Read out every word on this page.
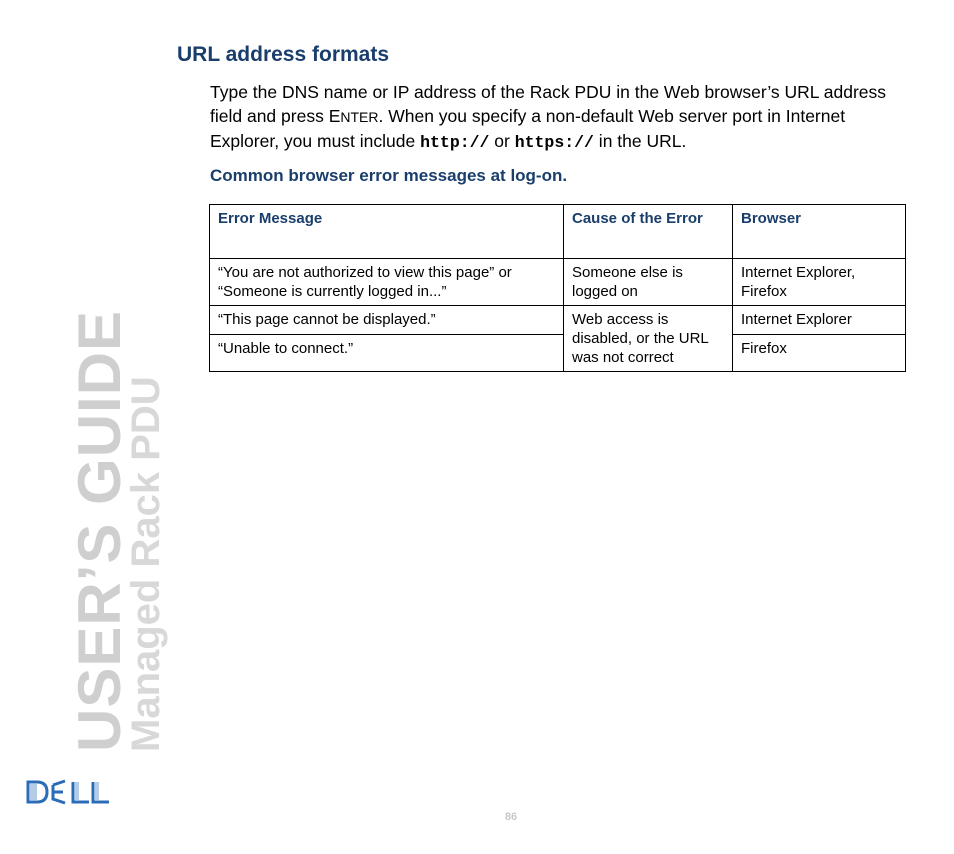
URL address formats

Type the DNS name or IP address of the Rack PDU in the Web browser’s URL address field and press ENTER. When you specify a non-default Web server port in Internet Explorer, you must include http:// or https:// in the URL.

Common browser error messages at log-on.
Error Message	Cause of the Error	Browser
“You are not authorized to view this page” or
“Someone is currently logged in...”	Someone else is logged on	Internet Explorer, Firefox
“This page cannot be displayed.”	Web access is disabled, or the URL was not correct	Internet Explorer
“Unable to connect.”		Firefox
USER’S GUIDE
Managed Rack PDU
86
